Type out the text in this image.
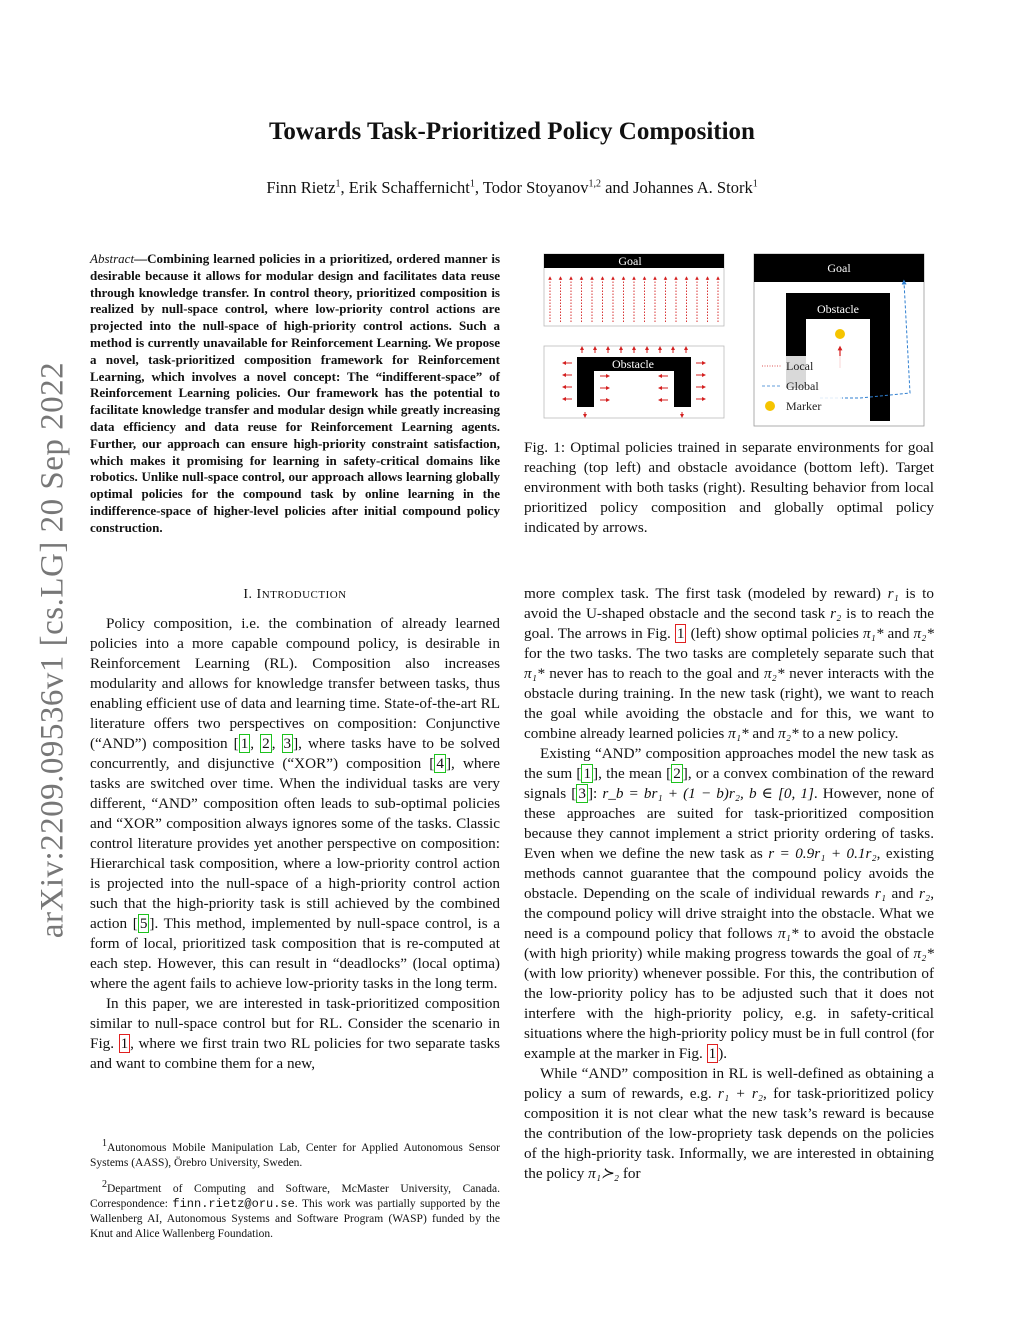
arXiv:2209.09536v1 [cs.LG] 20 Sep 2022
Towards Task-Prioritized Policy Composition
Finn Rietz$^1$, Erik Schaffernicht$^1$, Todor Stoyanov$^{1,2}$ and Johannes A. Stork$^1$
Abstract—Combining learned policies in a prioritized, ordered manner is desirable because it allows for modular design and facilitates data reuse through knowledge transfer. In control theory, prioritized composition is realized by null-space control, where low-priority control actions are projected into the null-space of high-priority control actions. Such a method is currently unavailable for Reinforcement Learning. We propose a novel, task-prioritized composition framework for Reinforcement Learning, which involves a novel concept: The “indifferent-space” of Reinforcement Learning policies. Our framework has the potential to facilitate knowledge transfer and modular design while greatly increasing data efficiency and data reuse for Reinforcement Learning agents. Further, our approach can ensure high-priority constraint satisfaction, which makes it promising for learning in safety-critical domains like robotics. Unlike null-space control, our approach allows learning globally optimal policies for the compound task by online learning in the indifference-space of higher-level policies after initial compound policy construction.
I. INTRODUCTION

Policy composition, i.e. the combination of already learned policies into a more capable compound policy, is desirable in Reinforcement Learning (RL). Composition also increases modularity and allows for knowledge transfer between tasks, thus enabling efficient use of data and learning time. State-of-the-art RL literature offers two perspectives on composition: Conjunctive (“AND”) composition [ 1 , 2 , 3 ], where tasks have to be solved concurrently, and disjunctive (“XOR”) composition [ 4 ], where tasks are switched over time. When the individual tasks are very different, “AND” composition often leads to sub-optimal policies and “XOR” composition always ignores some of the tasks. Classic control literature provides yet another perspective on composition: Hierarchical task composition, where a low-priority control action is projected into the null-space of a high-priority control action such that the high-priority task is still achieved by the combined action [ 5 ]. This method, implemented by null-space control, is a form of local, prioritized task composition that is re-computed at each step. However, this can result in “deadlocks” (local optima) where the agent fails to achieve low-priority tasks in the long term.

In this paper, we are interested in task-prioritized composition similar to null-space control but for RL. Consider the scenario in Fig. 1 , where we first train two RL policies for two separate tasks and want to combine them for a new,

$^1$Autonomous Mobile Manipulation Lab, Center for Applied Autonomous Sensor Systems (AASS), Örebro University, Sweden.

$^2$Department of Computing and Software, McMaster University, Canada. Correspondence: finn.rietz@oru.se. This work was partially supported by the Wallenberg AI, Autonomous Systems and Software Program (WASP) funded by the Knut and Alice Wallenberg Foundation.

Goal
Obstacle
Goal
Obstacle
Local
Global
Marker
Fig. 1: Optimal policies trained in separate environments for goal reaching (top left) and obstacle avoidance (bottom left). Target environment with both tasks (right). Resulting behavior from local prioritized policy composition and globally optimal policy indicated by arrows.

more complex task. The first task (modeled by reward) r₁ is to avoid the U-shaped obstacle and the second task r₂ is to reach the goal. The arrows in Fig. 1 (left) show optimal policies π₁* and π₂* for the two tasks. The two tasks are completely separate such that π₁* never has to reach to the goal and π₂* never interacts with the obstacle during training. In the new task (right), we want to reach the goal while avoiding the obstacle and for this, we want to combine already learned policies π₁* and π₂* to a new policy.

Existing “AND” composition approaches model the new task as the sum [ 1 ], the mean [ 2 ], or a convex combination of the reward signals [ 3 ]: r_b = br₁ + (1 − b)r₂, b ∈ [0, 1]. However, none of these approaches are suited for task-prioritized composition because they cannot implement a strict priority ordering of tasks. Even when we define the new task as r = 0.9r₁ + 0.1r₂, existing methods cannot guarantee that the compound policy avoids the obstacle. Depending on the scale of individual rewards r₁ and r₂, the compound policy will drive straight into the obstacle. What we need is a compound policy that follows π₁* to avoid the obstacle (with high priority) while making progress towards the goal of π₂* (with low priority) whenever possible. For this, the contribution of the low-priority policy has to be adjusted such that it does not interfere with the high-priority policy, e.g. in safety-critical situations where the high-priority policy must be in full control (for example at the marker in Fig. 1 ).

While “AND” composition in RL is well-defined as obtaining a policy a sum of rewards, e.g. r₁ + r₂, for task-prioritized policy composition it is not clear what the new task’s reward is because the contribution of the low-propriety task depends on the policies of the high-priority task. Informally, we are interested in obtaining the policy π₁≻₂ for
